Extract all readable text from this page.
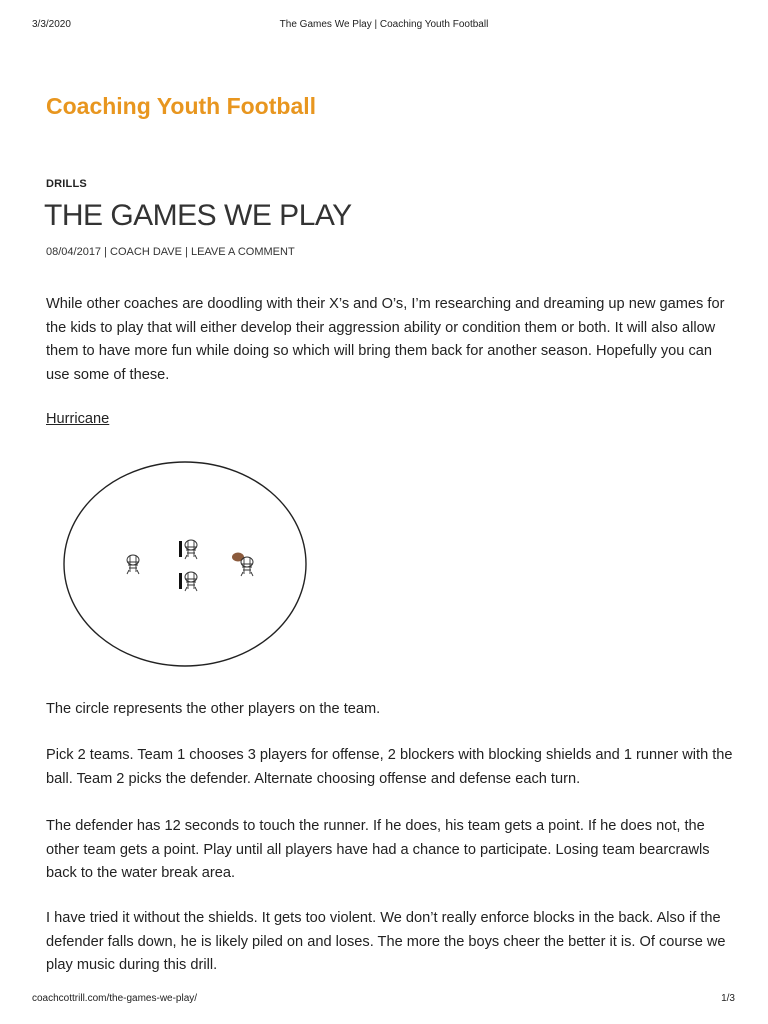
3/3/2020	The Games We Play | Coaching Youth Football
Coaching Youth Football
DRILLS
THE GAMES WE PLAY
08/04/2017 | COACH DAVE | LEAVE A COMMENT

While other coaches are doodling with their X’s and O’s, I’m researching and dreaming up new games for the kids to play that will either develop their aggression ability or condition them or both. It will also allow them to have more fun while doing so which will bring them back for another season. Hopefully you can use some of these.

Hurricane

The circle represents the other players on the team.

Pick 2 teams. Team 1 chooses 3 players for offense, 2 blockers with blocking shields and 1 runner with the ball. Team 2 picks the defender. Alternate choosing offense and defense each turn.

The defender has 12 seconds to touch the runner. If he does, his team gets a point. If he does not, the other team gets a point. Play until all players have had a chance to participate. Losing team bearcrawls back to the water break area.

I have tried it without the shields. It gets too violent. We don’t really enforce blocks in the back. Also if the defender falls down, he is likely piled on and loses. The more the boys cheer the better it is. Of course we play music during this drill.

coachcottrill.com/the-games-we-play/	1/3
